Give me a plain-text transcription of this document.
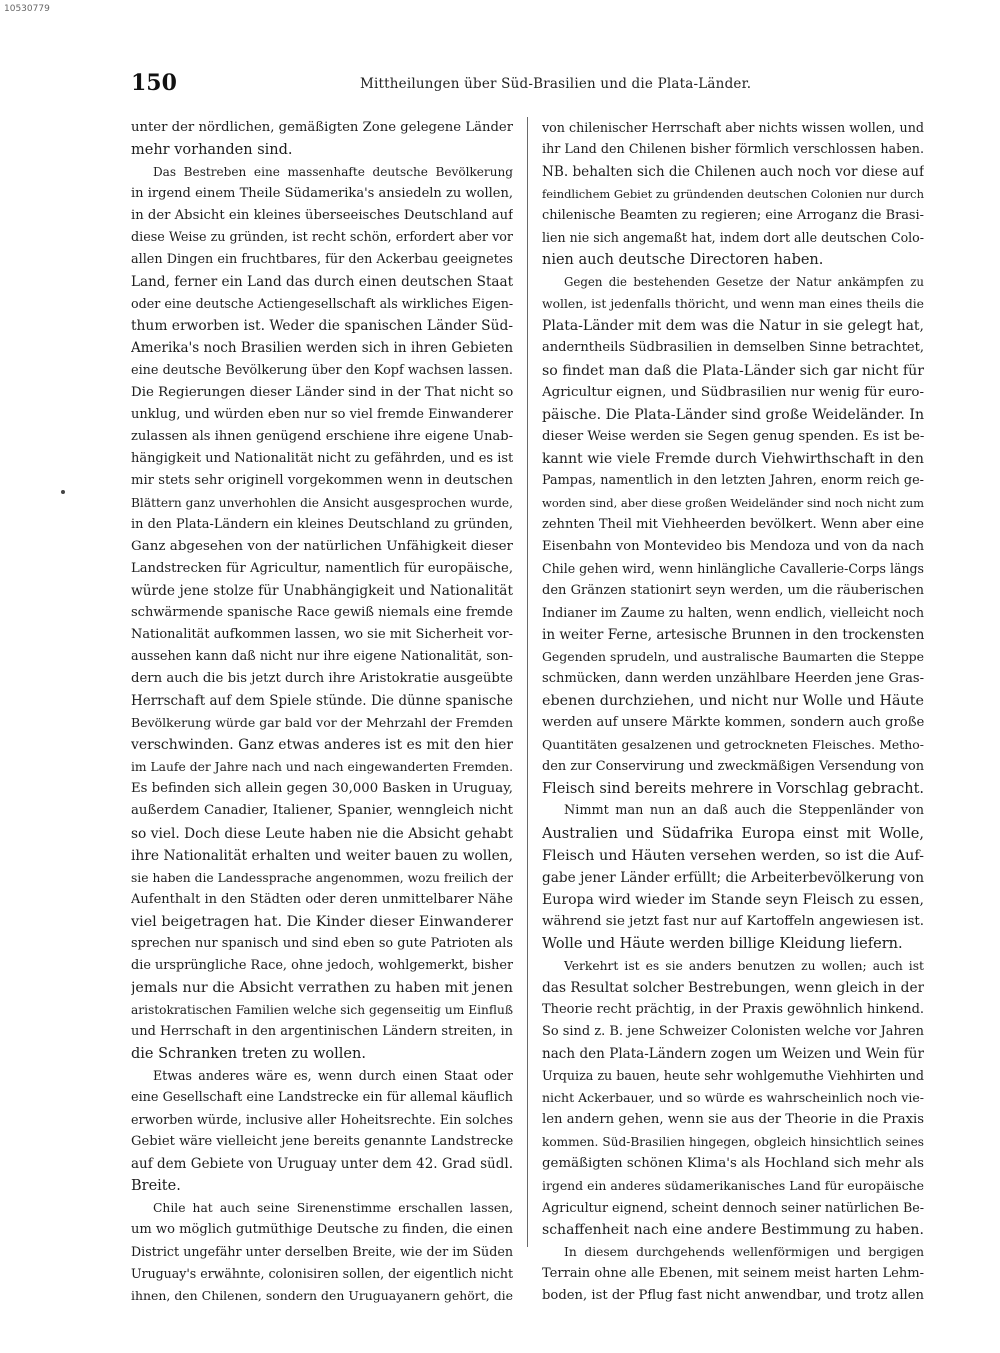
10530779
150	Mittheilungen über Süd-Brasilien und die Plata-Länder.
unter der nördlichen, gemäßigten Zone gelegene Länder
mehr vorhanden sind.
Das Bestreben eine massenhafte deutsche Bevölkerung
in irgend einem Theile Südamerika's ansiedeln zu wollen,
in der Absicht ein kleines überseeisches Deutschland auf
diese Weise zu gründen, ist recht schön, erfordert aber vor
allen Dingen ein fruchtbares, für den Ackerbau geeignetes
Land, ferner ein Land das durch einen deutschen Staat
oder eine deutsche Actiengesellschaft als wirkliches Eigen-
thum erworben ist. Weder die spanischen Länder Süd-
Amerika's noch Brasilien werden sich in ihren Gebieten
eine deutsche Bevölkerung über den Kopf wachsen lassen.
Die Regierungen dieser Länder sind in der That nicht so
unklug, und würden eben nur so viel fremde Einwanderer
zulassen als ihnen genügend erschiene ihre eigene Unab-
hängigkeit und Nationalität nicht zu gefährden, und es ist
mir stets sehr originell vorgekommen wenn in deutschen
Blättern ganz unverhohlen die Ansicht ausgesprochen wurde,
in den Plata-Ländern ein kleines Deutschland zu gründen,
Ganz abgesehen von der natürlichen Unfähigkeit dieser
Landstrecken für Agricultur, namentlich für europäische,
würde jene stolze für Unabhängigkeit und Nationalität
schwärmende spanische Race gewiß niemals eine fremde
Nationalität aufkommen lassen, wo sie mit Sicherheit vor-
aussehen kann daß nicht nur ihre eigene Nationalität, son-
dern auch die bis jetzt durch ihre Aristokratie ausgeübte
Herrschaft auf dem Spiele stünde. Die dünne spanische
Bevölkerung würde gar bald vor der Mehrzahl der Fremden
verschwinden. Ganz etwas anderes ist es mit den hier
im Laufe der Jahre nach und nach eingewanderten Fremden.
Es befinden sich allein gegen 30,000 Basken in Uruguay,
außerdem Canadier, Italiener, Spanier, wenngleich nicht
so viel. Doch diese Leute haben nie die Absicht gehabt
ihre Nationalität erhalten und weiter bauen zu wollen,
sie haben die Landessprache angenommen, wozu freilich der
Aufenthalt in den Städten oder deren unmittelbarer Nähe
viel beigetragen hat. Die Kinder dieser Einwanderer
sprechen nur spanisch und sind eben so gute Patrioten als
die ursprüngliche Race, ohne jedoch, wohlgemerkt, bisher
jemals nur die Absicht verrathen zu haben mit jenen
aristokratischen Familien welche sich gegenseitig um Einfluß
und Herrschaft in den argentinischen Ländern streiten, in
die Schranken treten zu wollen.
Etwas anderes wäre es, wenn durch einen Staat oder
eine Gesellschaft eine Landstrecke ein für allemal käuflich
erworben würde, inclusive aller Hoheitsrechte. Ein solches
Gebiet wäre vielleicht jene bereits genannte Landstrecke
auf dem Gebiete von Uruguay unter dem 42. Grad südl.
Breite.
Chile hat auch seine Sirenenstimme erschallen lassen,
um wo möglich gutmüthige Deutsche zu finden, die einen
District ungefähr unter derselben Breite, wie der im Süden
Uruguay's erwähnte, colonisiren sollen, der eigentlich nicht
ihnen, den Chilenen, sondern den Uruguayanern gehört, die
von chilenischer Herrschaft aber nichts wissen wollen, und
ihr Land den Chilenen bisher förmlich verschlossen haben.
NB. behalten sich die Chilenen auch noch vor diese auf
feindlichem Gebiet zu gründenden deutschen Colonien nur durch
chilenische Beamten zu regieren; eine Arroganz die Brasi-
lien nie sich angemaßt hat, indem dort alle deutschen Colo-
nien auch deutsche Directoren haben.
Gegen die bestehenden Gesetze der Natur ankämpfen zu
wollen, ist jedenfalls thöricht, und wenn man eines theils die
Plata-Länder mit dem was die Natur in sie gelegt hat,
anderntheils Südbrasilien in demselben Sinne betrachtet,
so findet man daß die Plata-Länder sich gar nicht für
Agricultur eignen, und Südbrasilien nur wenig für euro-
päische. Die Plata-Länder sind große Weideländer. In
dieser Weise werden sie Segen genug spenden. Es ist be-
kannt wie viele Fremde durch Viehwirthschaft in den
Pampas, namentlich in den letzten Jahren, enorm reich ge-
worden sind, aber diese großen Weideländer sind noch nicht zum
zehnten Theil mit Viehheerden bevölkert. Wenn aber eine
Eisenbahn von Montevideo bis Mendoza und von da nach
Chile gehen wird, wenn hinlängliche Cavallerie-Corps längs
den Gränzen stationirt seyn werden, um die räuberischen
Indianer im Zaume zu halten, wenn endlich, vielleicht noch
in weiter Ferne, artesische Brunnen in den trockensten
Gegenden sprudeln, und australische Baumarten die Steppe
schmücken, dann werden unzählbare Heerden jene Gras-
ebenen durchziehen, und nicht nur Wolle und Häute
werden auf unsere Märkte kommen, sondern auch große
Quantitäten gesalzenen und getrockneten Fleisches. Metho-
den zur Conservirung und zweckmäßigen Versendung von
Fleisch sind bereits mehrere in Vorschlag gebracht.
Nimmt man nun an daß auch die Steppenländer von
Australien und Südafrika Europa einst mit Wolle,
Fleisch und Häuten versehen werden, so ist die Auf-
gabe jener Länder erfüllt; die Arbeiterbevölkerung von
Europa wird wieder im Stande seyn Fleisch zu essen,
während sie jetzt fast nur auf Kartoffeln angewiesen ist.
Wolle und Häute werden billige Kleidung liefern.
Verkehrt ist es sie anders benutzen zu wollen; auch ist
das Resultat solcher Bestrebungen, wenn gleich in der
Theorie recht prächtig, in der Praxis gewöhnlich hinkend.
So sind z. B. jene Schweizer Colonisten welche vor Jahren
nach den Plata-Ländern zogen um Weizen und Wein für
Urquiza zu bauen, heute sehr wohlgemuthe Viehhirten und
nicht Ackerbauer, und so würde es wahrscheinlich noch vie-
len andern gehen, wenn sie aus der Theorie in die Praxis
kommen. Süd-Brasilien hingegen, obgleich hinsichtlich seines
gemäßigten schönen Klima's als Hochland sich mehr als
irgend ein anderes südamerikanisches Land für europäische
Agricultur eignend, scheint dennoch seiner natürlichen Be-
schaffenheit nach eine andere Bestimmung zu haben.
In diesem durchgehends wellenförmigen und bergigen
Terrain ohne alle Ebenen, mit seinem meist harten Lehm-
boden, ist der Pflug fast nicht anwendbar, und trotz allen
